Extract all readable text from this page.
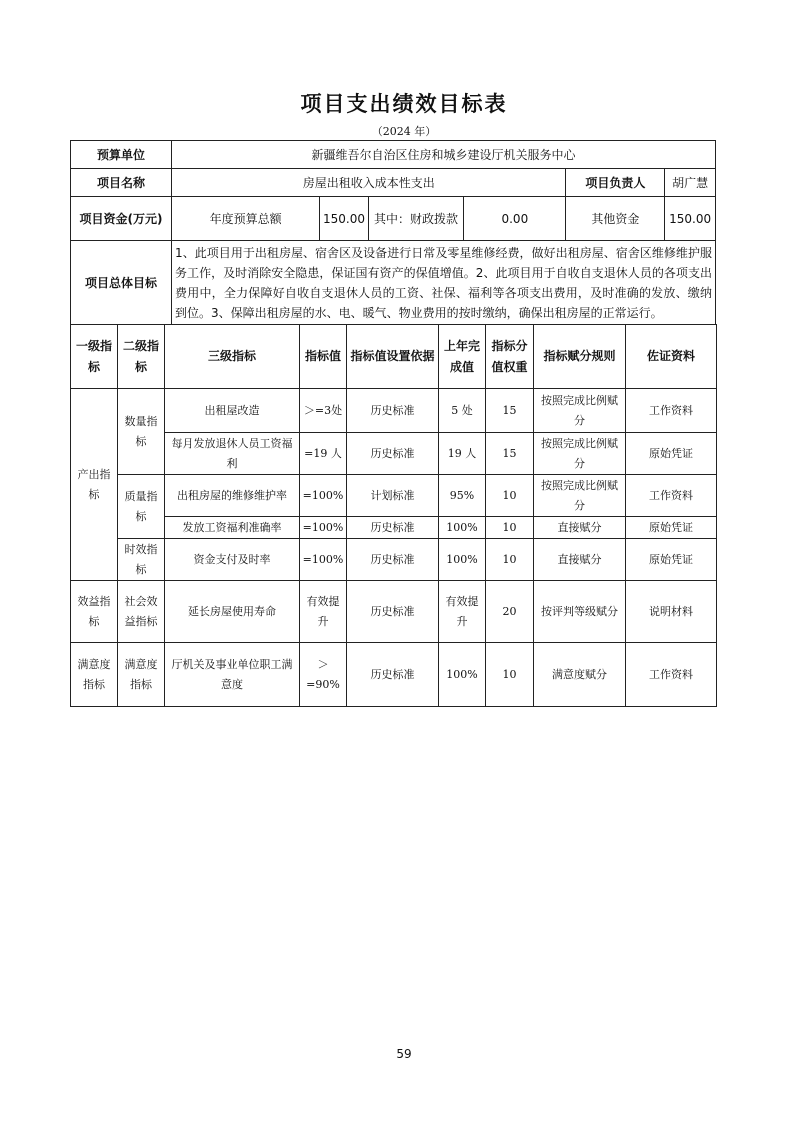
项目支出绩效目标表
（2024 年）
预算单位	新疆维吾尔自治区住房和城乡建设厅机关服务中心					
项目名称	房屋出租收入成本性支出				项目负责人	胡广慧
项目资金(万元)	年度预算总额	150.00	其中：财政拨款	0.00	其他资金	150.00
项目总体目标	1、此项目用于出租房屋、宿舍区及设备进行日常及零星维修经费，做好出租房屋、宿舍区维修维护服务工作，及时消除安全隐患，保证国有资产的保值增值。2、此项目用于自收自支退休人员的各项支出费用中，全力保障好自收自支退休人员的工资、社保、福利等各项支出费用，及时准确的发放、缴纳到位。3、保障出租房屋的水、电、暖气、物业费用的按时缴纳，确保出租房屋的正常运行。					
一级指标	二级指标	三级指标	指标值	指标值设置依据	上年完成值	指标分值权重	指标赋分规则	佐证资料
产出指标	数量指标	出租屋改造	＞=3处	历史标准	5 处	15	按照完成比例赋分	工作资料
		每月发放退休人员工资福利	=19 人	历史标准	19 人	15	按照完成比例赋分	原始凭证
	质量指标	出租房屋的维修维护率	=100%	计划标准	95%	10	按照完成比例赋分	工作资料
		发放工资福利准确率	=100%	历史标准	100%	10	直接赋分	原始凭证
	时效指标	资金支付及时率	=100%	历史标准	100%	10	直接赋分	原始凭证
效益指标	社会效益指标	延长房屋使用寿命	有效提升	历史标准	有效提升	20	按评判等级赋分	说明材料
满意度指标	满意度指标	厅机关及事业单位职工满意度	＞=90%	历史标准	100%	10	满意度赋分	工作资料
59
